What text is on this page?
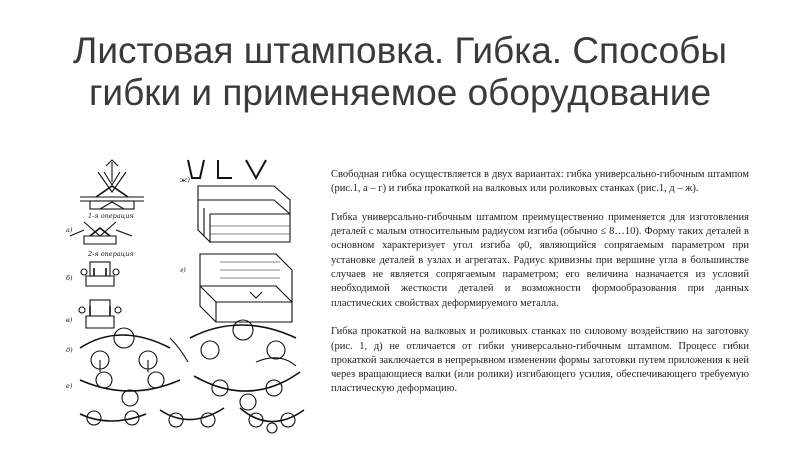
Листовая штамповка. Гибка. Способы
гибки и применяемое оборудование
1-я операция
а)
2-я операция
б)
в)
ж)
г)
д)
е)

Свободная гибка осуществляется в двух вариантах: гибка универсально-гибочным штампом (рис.1, а – г) и гибка прокаткой на валковых или роликовых станках (рис.1, д – ж).

Гибка универсально-гибочным штампом преимущественно применяется для изготовления деталей с малым относительным радиусом изгиба (обычно ≤ 8…10). Форму таких деталей в основном характеризует угол изгиба φ0, являющийся сопрягаемым параметром при установке деталей в узлах и агрегатах. Радиус кривизны при вершине угла в большинстве случаев не является сопрягаемым параметром; его величина назначается из условий необходимой жесткости деталей и возможности формообразования при данных пластических свойствах деформируемого металла.

Гибка прокаткой на валковых и роликовых станках по силовому воздействию на заготовку (рис. 1, д) не отличается от гибки универсально-гибочным штампом. Процесс гибки прокаткой заключается в непрерывном изменении формы заготовки путем приложения к ней через вращающиеся валки (или ролики) изгибающего усилия, обеспечивающего требуемую пластическую деформацию.
